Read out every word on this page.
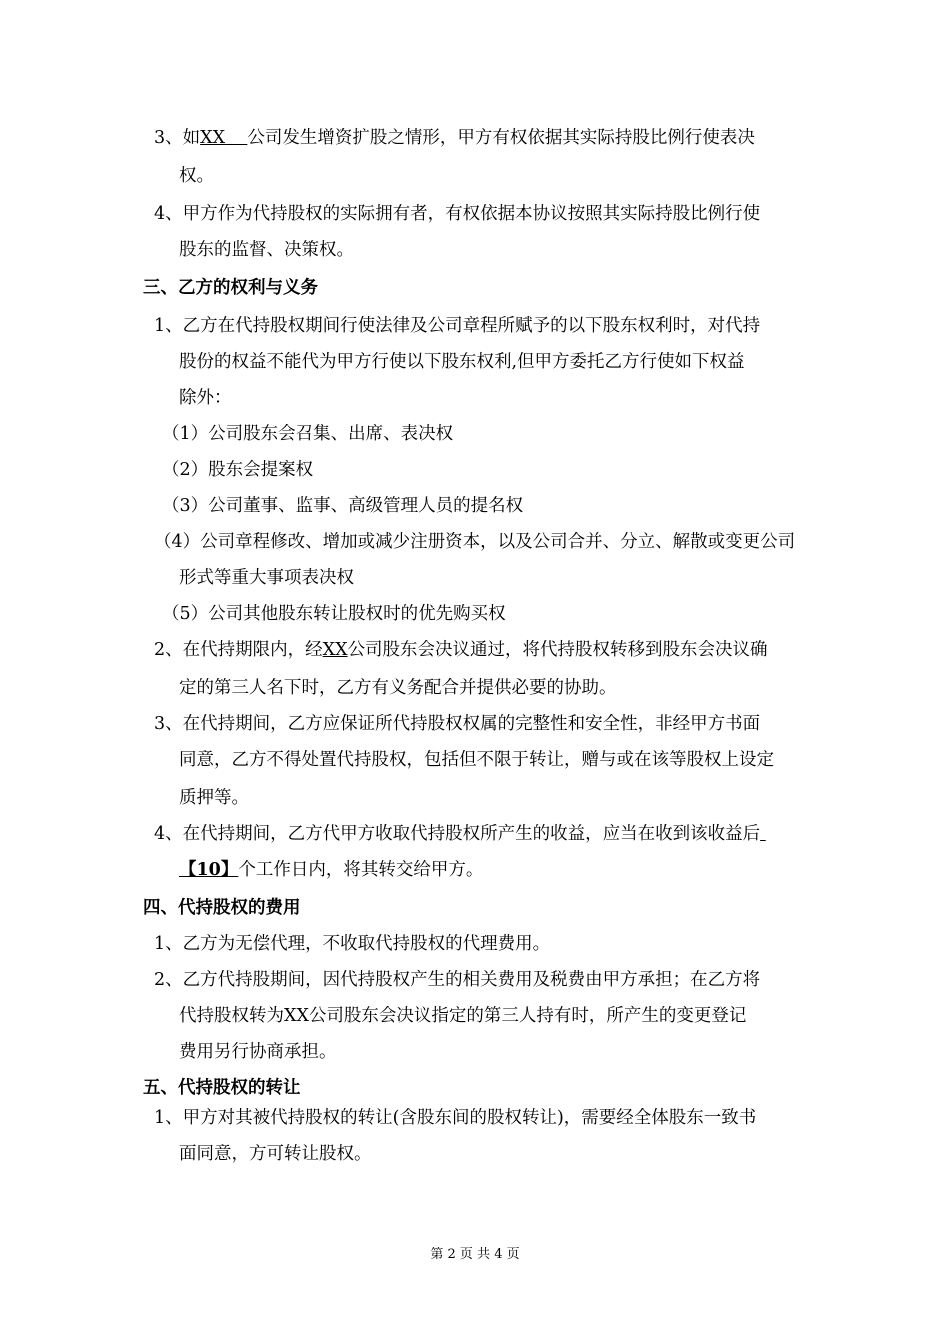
3、如XX 公司发生增资扩股之情形，甲方有权依据其实际持股比例行使表决
权。
4、甲方作为代持股权的实际拥有者，有权依据本协议按照其实际持股比例行使
股东的监督、决策权。
三、乙方的权利与义务
1、乙方在代持股权期间行使法律及公司章程所赋予的以下股东权利时，对代持
股份的权益不能代为甲方行使以下股东权利,但甲方委托乙方行使如下权益
除外：
（1）公司股东会召集、出席、表决权
（2）股东会提案权
（3）公司董事、监事、高级管理人员的提名权
（4）公司章程修改、增加或减少注册资本，以及公司合并、分立、解散或变更公司
形式等重大事项表决权
（5）公司其他股东转让股权时的优先购买权
2、在代持期限内，经XX公司股东会决议通过，将代持股权转移到股东会决议确
定的第三人名下时，乙方有义务配合并提供必要的协助。
3、在代持期间，乙方应保证所代持股权权属的完整性和安全性，非经甲方书面
同意，乙方不得处置代持股权，包括但不限于转让，赠与或在该等股权上设定
质押等。
4、在代持期间，乙方代甲方收取代持股权所产生的收益，应当在收到该收益后
【10】个工作日内，将其转交给甲方。
四、代持股权的费用
1、乙方为无偿代理，不收取代持股权的代理费用。
2、乙方代持股期间，因代持股权产生的相关费用及税费由甲方承担；在乙方将
代持股权转为XX公司股东会决议指定的第三人持有时，所产生的变更登记
费用另行协商承担。
五、代持股权的转让
1、甲方对其被代持股权的转让(含股东间的股权转让)，需要经全体股东一致书
面同意，方可转让股权。
第 2 页 共 4 页
